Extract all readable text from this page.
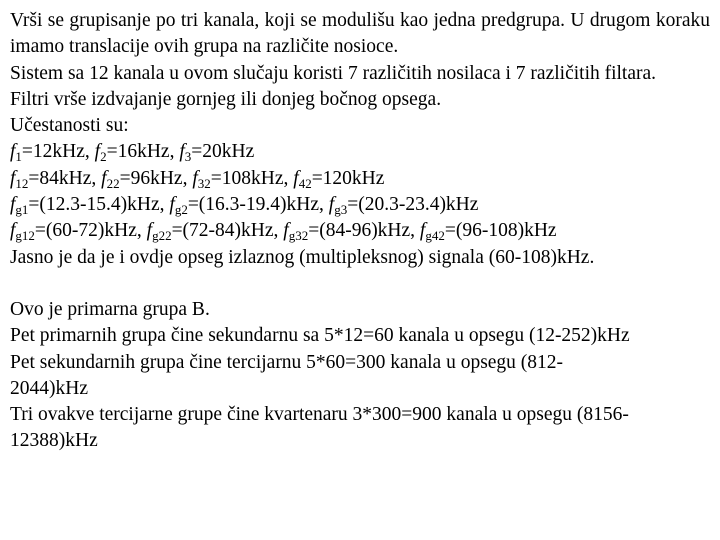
Vrši se grupisanje po tri kanala, koji se modulišu kao jedna predgrupa. U drugom koraku imamo translacije ovih grupa na različite nosioce.

Sistem sa 12 kanala u ovom slučaju koristi 7 različitih nosilaca i 7 različitih filtara.

Filtri vrše izdvajanje gornjeg ili donjeg bočnog opsega.

Učestanosti su:

$f_1=12kHz$, $f_2=16kHz$, $f_3=20kHz$
$f_{12}=84kHz$, $f_{22}=96kHz$, $f_{32}=108kHz$, $f_{42}=120kHz$
$f_{g1}=(12.3-15.4)kHz$, $f_{g2}=(16.3-19.4)kHz$, $f_{g3}=(20.3-23.4)kHz$
$f_{g12}=(60-72)kHz$, $f_{g22}=(72-84)kHz$, $f_{g32}=(84-96)kHz$, $f_{g42}=(96-108)kHz$

Jasno je da je i ovdje opseg izlaznog (multipleksnog) signala (60-108)kHz.

Ovo je primarna grupa B.
Pet primarnih grupa čine sekundarnu sa 5*12=60 kanala u opsegu (12-252)kHz
Pet sekundarnih grupa čine tercijarnu 5*60=300 kanala u opsegu (812-
2044)kHz
Tri ovakve tercijarne grupe čine kvartenaru 3*300=900 kanala u opsegu (8156-
12388)kHz
